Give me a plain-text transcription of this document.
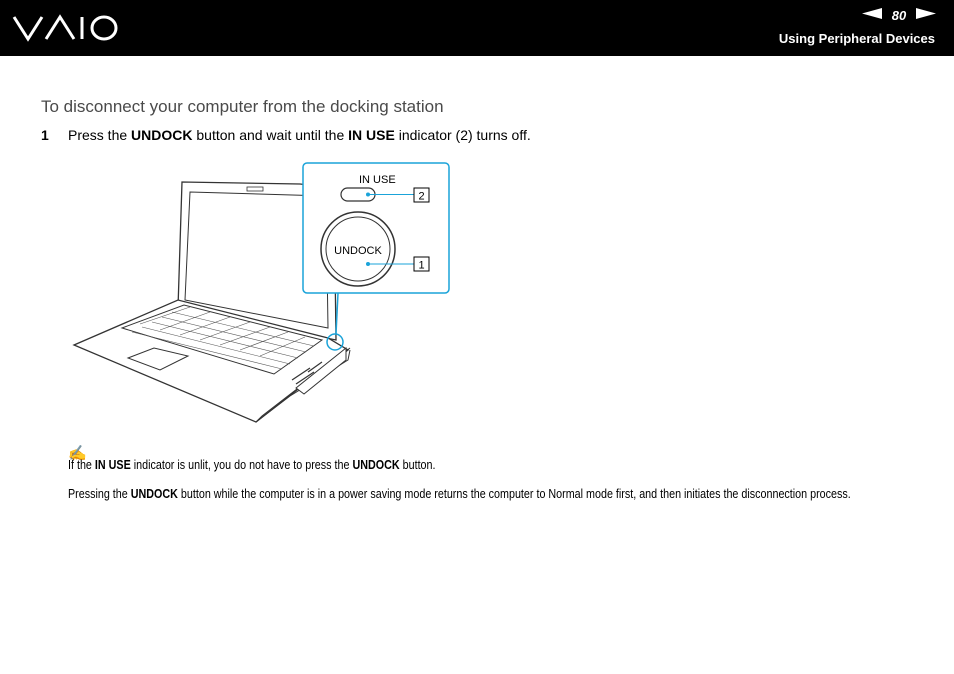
80
Using Peripheral Devices
To disconnect your computer from the docking station
1 Press the UNDOCK button and wait until the IN USE indicator (2) turns off.
IN USE
2
UNDOCK
1
✍
If the IN USE indicator is unlit, you do not have to press the UNDOCK button.
Pressing the UNDOCK button while the computer is in a power saving mode returns the computer to Normal mode first, and then initiates the disconnection process.
